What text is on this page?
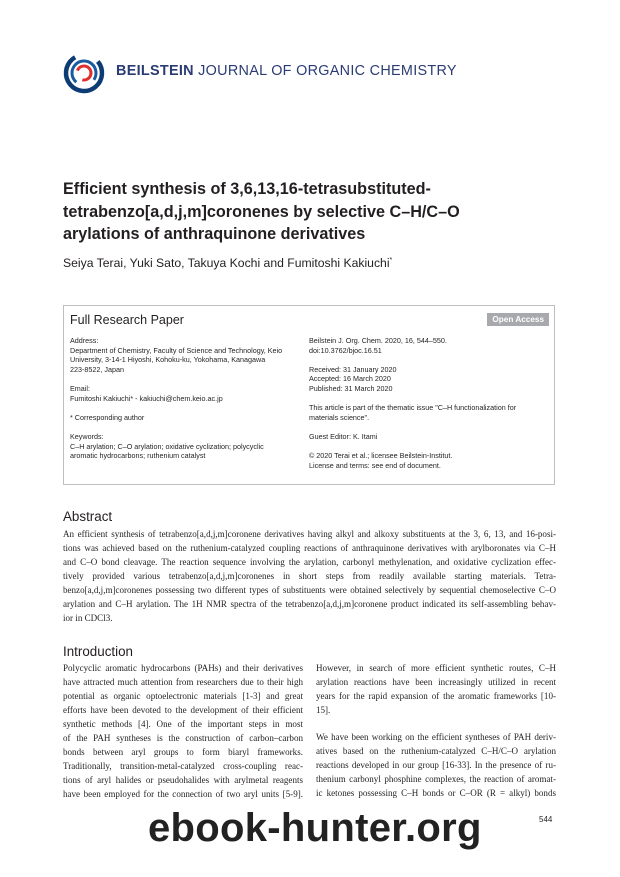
BEILSTEIN JOURNAL OF ORGANIC CHEMISTRY
Efficient synthesis of 3,6,13,16-tetrasubstituted-tetrabenzo[a,d,j,m]coronenes by selective C–H/C–O arylations of anthraquinone derivatives
Seiya Terai, Yuki Sato, Takuya Kochi and Fumitoshi Kakiuchi*
Full Research Paper	Open Access
Address:
Department of Chemistry, Faculty of Science and Technology, Keio
University, 3-14-1 Hiyoshi, Kohoku-ku, Yokohama, Kanagawa
223-8522, Japan
Email:
Fumitoshi Kakiuchi* - kakiuchi@chem.keio.ac.jp
* Corresponding author
Keywords:
C–H arylation; C–O arylation; oxidative cyclization; polycyclic
aromatic hydrocarbons; ruthenium catalyst
Beilstein J. Org. Chem. 2020, 16, 544–550.
doi:10.3762/bjoc.16.51
Received: 31 January 2020
Accepted: 16 March 2020
Published: 31 March 2020
This article is part of the thematic issue "C–H functionalization for
materials science".
Guest Editor: K. Itami
© 2020 Terai et al.; licensee Beilstein-Institut.
License and terms: see end of document.
Abstract
An efficient synthesis of tetrabenzo[a,d,j,m]coronene derivatives having alkyl and alkoxy substituents at the 3, 6, 13, and 16-posi-
tions was achieved based on the ruthenium-catalyzed coupling reactions of anthraquinone derivatives with arylboronates via C–H
and C–O bond cleavage. The reaction sequence involving the arylation, carbonyl methylenation, and oxidative cyclization effec-
tively provided various tetrabenzo[a,d,j,m]coronenes in short steps from readily available starting materials. Tetra-
benzo[a,d,j,m]coronenes possessing two different types of substituents were obtained selectively by sequential chemoselective C–O
arylation and C–H arylation. The 1H NMR spectra of the tetrabenzo[a,d,j,m]coronene product indicated its self-assembling behav-
ior in CDCl3.
Introduction
Polycyclic aromatic hydrocarbons (PAHs) and their derivatives
have attracted much attention from researchers due to their high
potential as organic optoelectronic materials [1-3] and great
efforts have been devoted to the development of their efficient
synthetic methods [4]. One of the important steps in most
of the PAH syntheses is the construction of carbon–carbon
bonds between aryl groups to form biaryl frameworks.
Traditionally, transition-metal-catalyzed cross-coupling reac-
tions of aryl halides or pseudohalides with arylmetal reagents
have been employed for the connection of two aryl units [5-9].
However, in search of more efficient synthetic routes, C–H
arylation reactions have been increasingly utilized in recent
years for the rapid expansion of the aromatic frameworks [10-
15].
We have been working on the efficient syntheses of PAH deriv-
atives based on the ruthenium-catalyzed C–H/C–O arylation
reactions developed in our group [16-33]. In the presence of ru-
thenium carbonyl phosphine complexes, the reaction of aromat-
ic ketones possessing C–H bonds or C–OR (R = alkyl) bonds
544
ebook-hunter.org
